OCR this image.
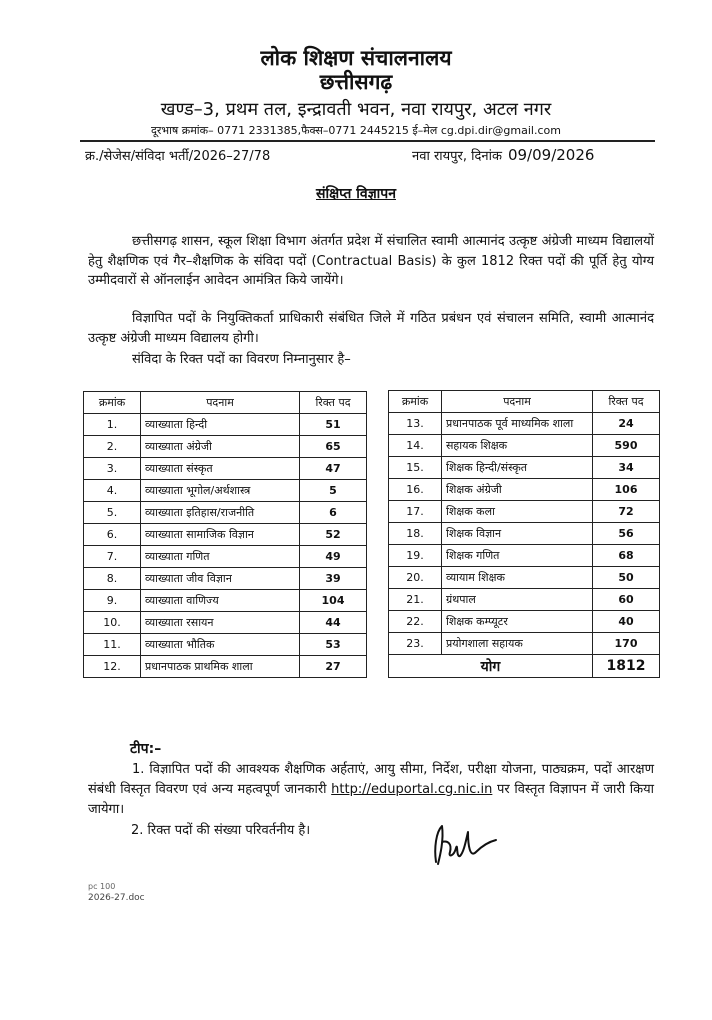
लोक शिक्षण संचालनालय
छत्तीसगढ़
खण्ड–3, प्रथम तल, इन्द्रावती भवन, नवा रायपुर, अटल नगर
दूरभाष क्रमांक– 0771 2331385,फैक्स–0771 2445215 ई–मेल cg.dpi.dir@gmail.com
क्र./सेजेस/संविदा भर्ती/2026–27/78	नवा रायपुर, दिनांक 09/09/2026
संक्षिप्त विज्ञापन
छत्तीसगढ़ शासन, स्कूल शिक्षा विभाग अंतर्गत प्रदेश में संचालित स्वामी आत्मानंद उत्कृष्ट अंग्रेजी माध्यम विद्यालयों हेतु शैक्षणिक एवं गैर–शैक्षणिक के संविदा पदों (Contractual Basis) के कुल 1812 रिक्त पदों की पूर्ति हेतु योग्य उम्मीदवारों से ऑनलाईन आवेदन आमंत्रित किये जायेंगे।
विज्ञापित पदों के नियुक्तिकर्ता प्राधिकारी संबंधित जिले में गठित प्रबंधन एवं संचालन समिति, स्वामी आत्मानंद उत्कृष्ट अंग्रेजी माध्यम विद्यालय होगी।
संविदा के रिक्त पदों का विवरण निम्नानुसार है–
क्रमांक	पदनाम	रिक्त पद
1.	व्याख्याता हिन्दी	51
2.	व्याख्याता अंग्रेजी	65
3.	व्याख्याता संस्कृत	47
4.	व्याख्याता भूगोल/अर्थशास्त्र	5
5.	व्याख्याता इतिहास/राजनीति	6
6.	व्याख्याता सामाजिक विज्ञान	52
7.	व्याख्याता गणित	49
8.	व्याख्याता जीव विज्ञान	39
9.	व्याख्याता वाणिज्य	104
10.	व्याख्याता रसायन	44
11.	व्याख्याता भौतिक	53
12.	प्रधानपाठक प्राथमिक शाला	27
क्रमांक	पदनाम	रिक्त पद
13.	प्रधानपाठक पूर्व माध्यमिक शाला	24
14.	सहायक शिक्षक	590
15.	शिक्षक हिन्दी/संस्कृत	34
16.	शिक्षक अंग्रेजी	106
17.	शिक्षक कला	72
18.	शिक्षक विज्ञान	56
19.	शिक्षक गणित	68
20.	व्यायाम शिक्षक	50
21.	ग्रंथपाल	60
22.	शिक्षक कम्प्यूटर	40
23.	प्रयोगशाला सहायक	170
योग		1812
टीप:–
1. विज्ञापित पदों की आवश्यक शैक्षणिक अर्हताएं, आयु सीमा, निर्देश, परीक्षा योजना, पाठ्यक्रम, पदों आरक्षण संबंधी विस्तृत विवरण एवं अन्य महत्वपूर्ण जानकारी http://eduportal.cg.nic.in पर विस्तृत विज्ञापन में जारी किया जायेगा।
2. रिक्त पदों की संख्या परिवर्तनीय है।
pc 100
2026-27.doc
